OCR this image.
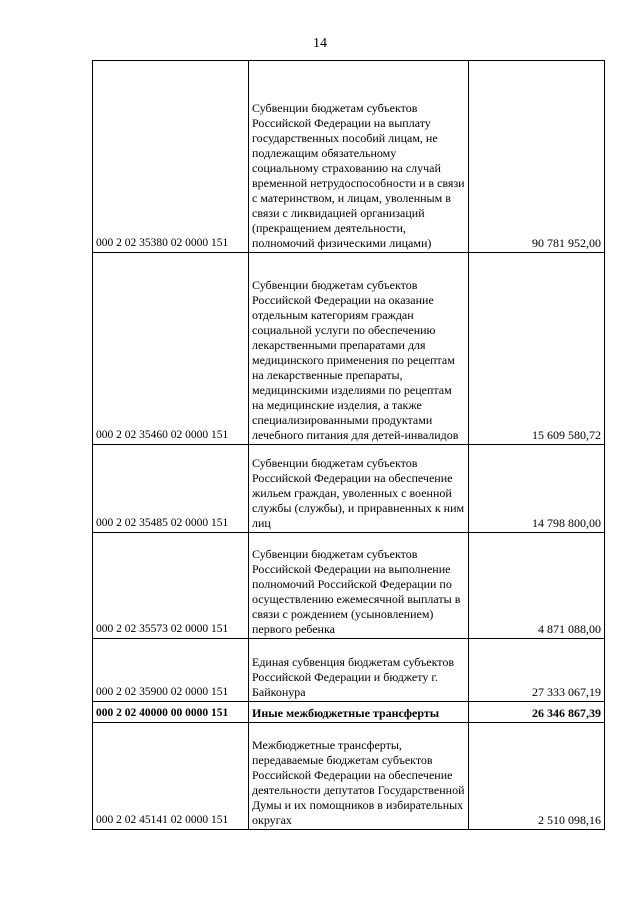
14
000 2 02 35380 02 0000 151	Субвенции бюджетам субъектов Российской Федерации на выплату государственных пособий лицам, не подлежащим обязательному социальному страхованию на случай временной нетрудоспособности и в связи с материнством, и лицам, уволенным в связи с ликвидацией организаций (прекращением деятельности, полномочий физическими лицами)	90 781 952,00
000 2 02 35460 02 0000 151	Субвенции бюджетам субъектов Российской Федерации на оказание отдельным категориям граждан социальной услуги по обеспечению лекарственными препаратами для медицинского применения по рецептам на лекарственные препараты, медицинскими изделиями по рецептам на медицинские изделия, а также специализированными продуктами лечебного питания для детей-инвалидов	15 609 580,72
000 2 02 35485 02 0000 151	Субвенции бюджетам субъектов Российской Федерации на обеспечение жильем граждан, уволенных с военной службы (службы), и приравненных к ним лиц	14 798 800,00
000 2 02 35573 02 0000 151	Субвенции бюджетам субъектов Российской Федерации на выполнение полномочий Российской Федерации по осуществлению ежемесячной выплаты в связи с рождением (усыновлением) первого ребенка	4 871 088,00
000 2 02 35900 02 0000 151	Единая субвенция бюджетам субъектов Российской Федерации и бюджету г. Байконура	27 333 067,19
000 2 02 40000 00 0000 151	Иные межбюджетные трансферты	26 346 867,39
000 2 02 45141 02 0000 151	Межбюджетные трансферты, передаваемые бюджетам субъектов Российской Федерации на обеспечение деятельности депутатов Государственной Думы и их помощников в избирательных округах	2 510 098,16
